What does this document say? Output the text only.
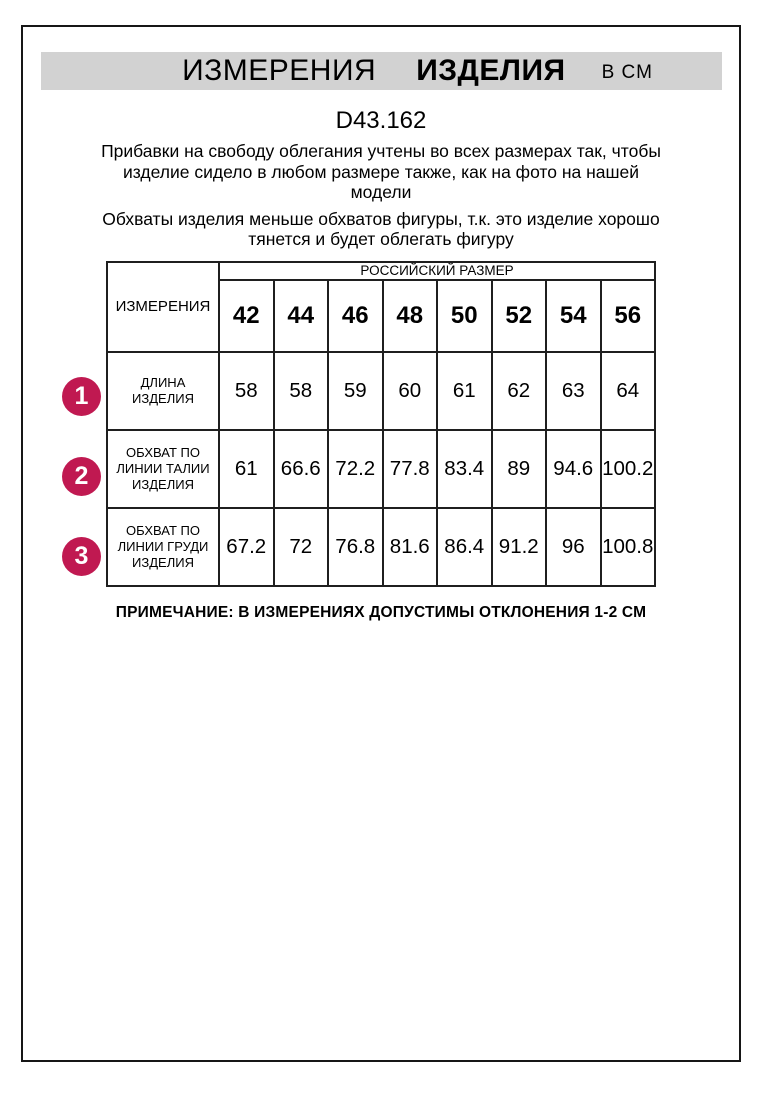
ИЗМЕРЕНИЯ ИЗДЕЛИЯ В СМ
D43.162

Прибавки на свободу облегания учтены во всех размерах так, чтобы
изделие сидело в любом размере также, как на фото на нашей
модели

Обхваты изделия меньше обхватов фигуры, т.к. это изделие хорошо
тянется и будет облегать фигуру

1
2
3
ИЗМЕРЕНИЯ	РОССИЙСКИЙ РАЗМЕР							
	42	44	46	48	50	52	54	56
ДЛИНА
ИЗДЕЛИЯ	58	58	59	60	61	62	63	64
ОБХВАТ ПО
ЛИНИИ ТАЛИИ
ИЗДЕЛИЯ	61	66.6	72.2	77.8	83.4	89	94.6	100.2
ОБХВАТ ПО
ЛИНИИ ГРУДИ
ИЗДЕЛИЯ	67.2	72	76.8	81.6	86.4	91.2	96	100.8

ПРИМЕЧАНИЕ: В ИЗМЕРЕНИЯХ ДОПУСТИМЫ ОТКЛОНЕНИЯ 1-2 СМ
